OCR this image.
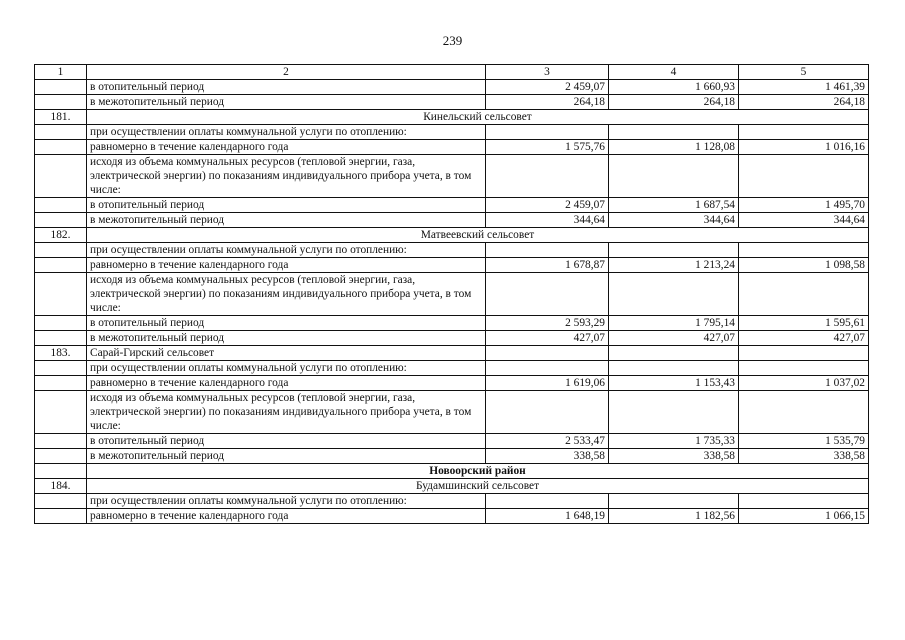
239
1	2	3	4	5
	в отопительный период	2 459,07	1 660,93	1 461,39
	в межотопительный период	264,18	264,18	264,18
181.	Кинельский сельсовет			
	при осуществлении оплаты коммунальной услуги по отоплению:			
	равномерно в течение календарного года	1 575,76	1 128,08	1 016,16
	исходя из объема коммунальных ресурсов (тепловой энергии, газа, электрической энергии) по показаниям индивидуального прибора учета, в том числе:			
	в отопительный период	2 459,07	1 687,54	1 495,70
	в межотопительный период	344,64	344,64	344,64
182.	Матвеевский сельсовет			
	при осуществлении оплаты коммунальной услуги по отоплению:			
	равномерно в течение календарного года	1 678,87	1 213,24	1 098,58
	исходя из объема коммунальных ресурсов (тепловой энергии, газа, электрической энергии) по показаниям индивидуального прибора учета, в том числе:			
	в отопительный период	2 593,29	1 795,14	1 595,61
	в межотопительный период	427,07	427,07	427,07
183.	Сарай-Гирский сельсовет			
	при осуществлении оплаты коммунальной услуги по отоплению:			
	равномерно в течение календарного года	1 619,06	1 153,43	1 037,02
	исходя из объема коммунальных ресурсов (тепловой энергии, газа, электрической энергии) по показаниям индивидуального прибора учета, в том числе:			
	в отопительный период	2 533,47	1 735,33	1 535,79
	в межотопительный период	338,58	338,58	338,58
	Новоорский район			
184.	Будамшинский сельсовет			
	при осуществлении оплаты коммунальной услуги по отоплению:			
	равномерно в течение календарного года	1 648,19	1 182,56	1 066,15
